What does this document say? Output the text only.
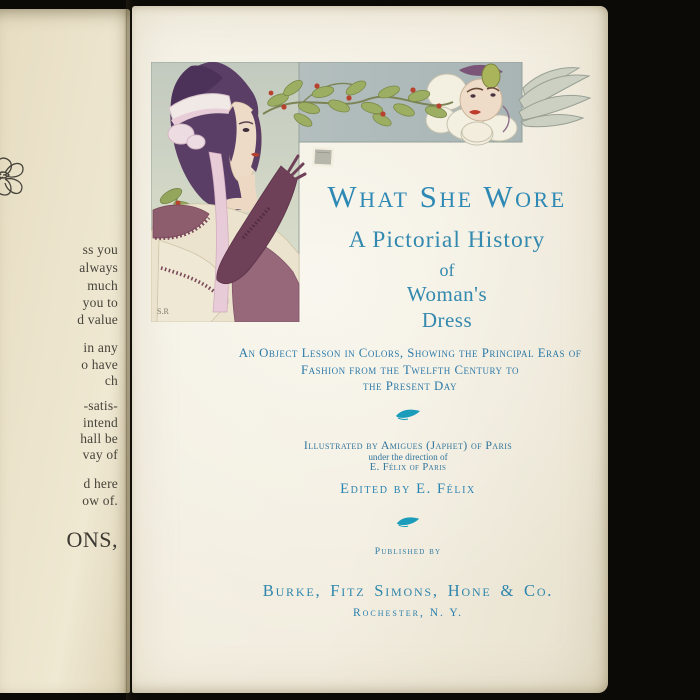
ss you
always
much
you to
d value
in any
o have
ch
-satis-
intend
hall be
vay of
d here
ow of.
ONS,
S.R
What She Wore
A Pictorial History
of
Woman's
Dress
An Object Lesson in Colors, Showing the Principal Eras of
Fashion from the Twelfth Century to
the Present Day
Illustrated by Amigues (Japhet) of Paris
under the direction of
E. Félix of Paris
Edited by E. Félix
Published by
Burke, Fitz Simons, Hone & Co.
Rochester, N. Y.
